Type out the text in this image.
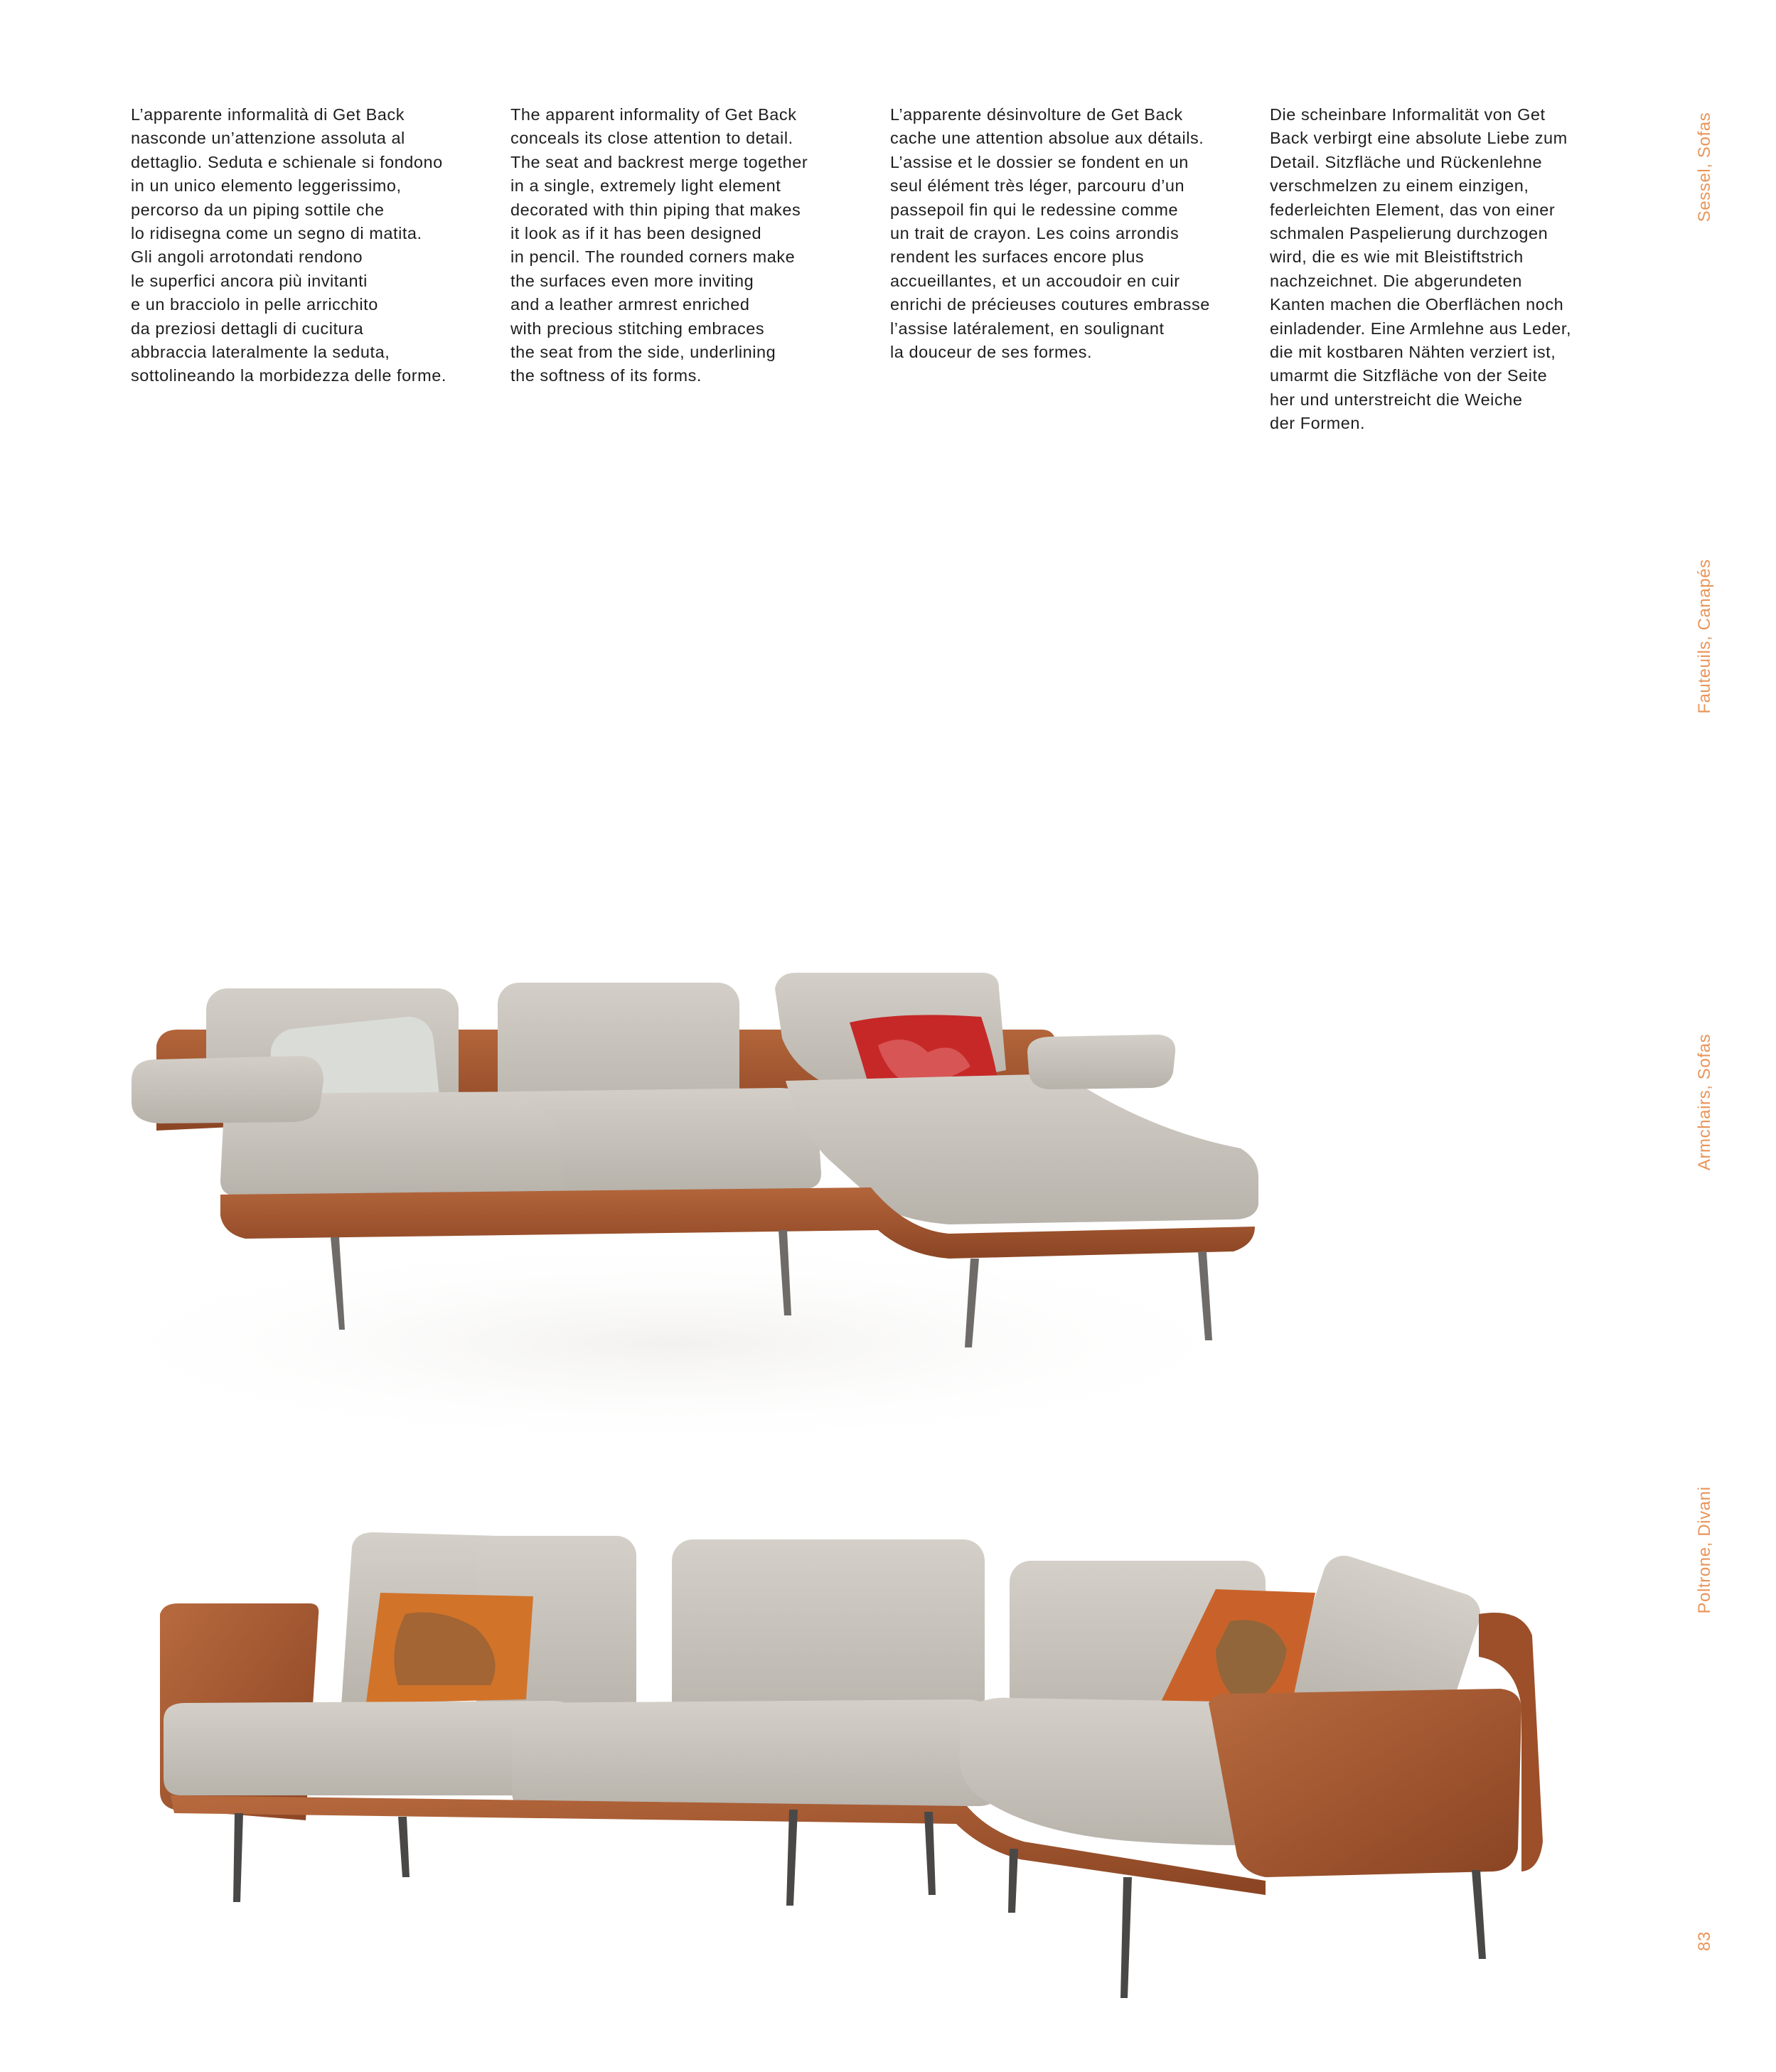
L’apparente informalità di Get Back
nasconde un’attenzione assoluta al
dettaglio. Seduta e schienale si fondono
in un unico elemento leggerissimo,
percorso da un piping sottile che
lo ridisegna come un segno di matita.
Gli angoli arrotondati rendono
le superfici ancora più invitanti
e un bracciolo in pelle arricchito
da preziosi dettagli di cucitura
abbraccia lateralmente la seduta,
sottolineando la morbidezza delle forme.

The apparent informality of Get Back
conceals its close attention to detail.
The seat and backrest merge together
in a single, extremely light element
decorated with thin piping that makes
it look as if it has been designed
in pencil. The rounded corners make
the surfaces even more inviting
and a leather armrest enriched
with precious stitching embraces
the seat from the side, underlining
the softness of its forms.

L’apparente désinvolture de Get Back
cache une attention absolue aux détails.
L’assise et le dossier se fondent en un
seul élément très léger, parcouru d’un
passepoil fin qui le redessine comme
un trait de crayon. Les coins arrondis
rendent les surfaces encore plus
accueillantes, et un accoudoir en cuir
enrichi de précieuses coutures embrasse
l’assise latéralement, en soulignant
la douceur de ses formes.

Die scheinbare Informalität von Get
Back verbirgt eine absolute Liebe zum
Detail. Sitzfläche und Rückenlehne
verschmelzen zu einem einzigen,
federleichten Element, das von einer
schmalen Paspelierung durchzogen
wird, die es wie mit Bleistiftstrich
nachzeichnet. Die abgerundeten
Kanten machen die Oberflächen noch
einladender. Eine Armlehne aus Leder,
die mit kostbaren Nähten verziert ist,
umarmt die Sitzfläche von der Seite
her und unterstreicht die Weiche
der Formen.

Sessel, Sofas
Fauteuils, Canapés
Armchairs, Sofas
Poltrone, Divani
83
